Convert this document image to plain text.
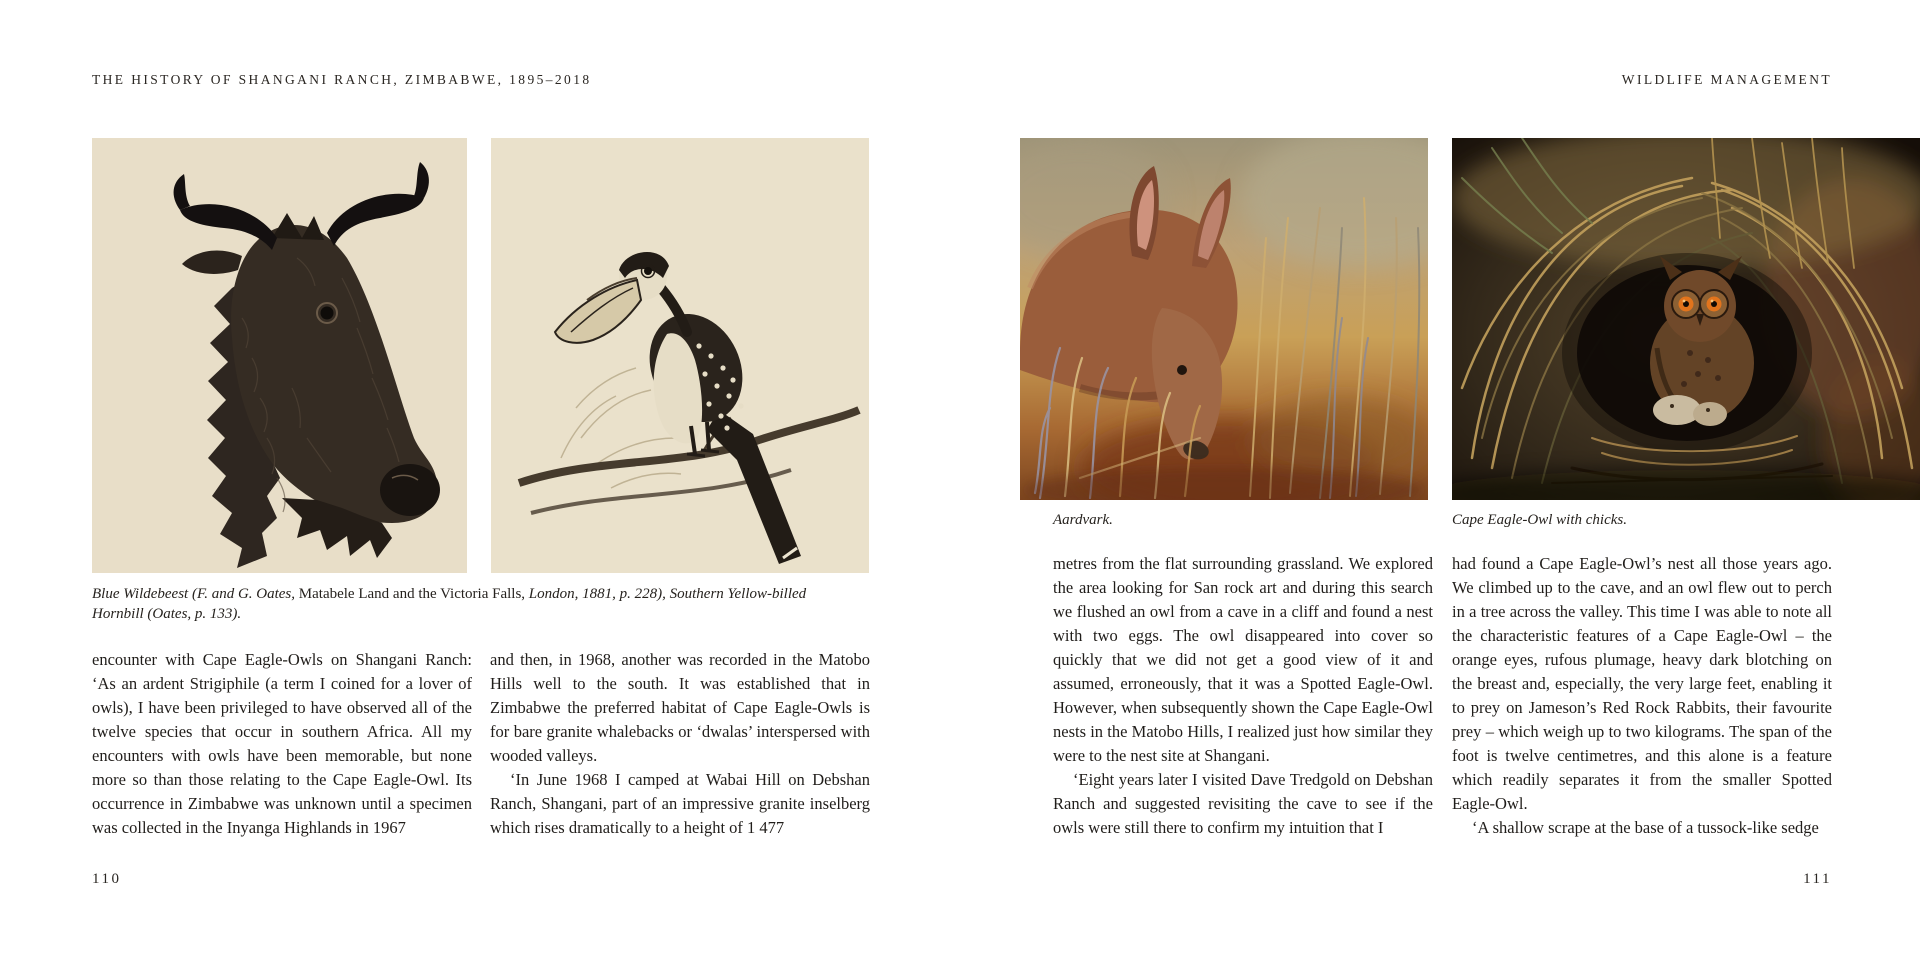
THE HISTORY OF SHANGANI RANCH, ZIMBABWE, 1895–2018

Blue Wildebeest (F. and G. Oates, Matabele Land and the Victoria Falls, London, 1881, p. 228), Southern Yellow-billed Hornbill (Oates, p. 133).

encounter with Cape Eagle-Owls on Shangani Ranch: ‘As an ardent Strigiphile (a term I coined for a lover of owls), I have been privileged to have observed all of the twelve species that occur in southern Africa. All my encounters with owls have been memorable, but none more so than those relating to the Cape Eagle-Owl. Its occurrence in Zimbabwe was unknown until a specimen was collected in the Inyanga Highlands in 1967

and then, in 1968, another was recorded in the Matobo Hills well to the south. It was established that in Zimbabwe the preferred habitat of Cape Eagle-Owls is for bare granite whalebacks or ‘dwalas’ interspersed with wooded valleys.

‘In June 1968 I camped at Wabai Hill on Debshan Ranch, Shangani, part of an impressive granite inselberg which rises dramatically to a height of 1 477

110
WILDLIFE MANAGEMENT

Aardvark.	Cape Eagle-Owl with chicks.

metres from the flat surrounding grassland. We explored the area looking for San rock art and during this search we flushed an owl from a cave in a cliff and found a nest with two eggs. The owl disappeared into cover so quickly that we did not get a good view of it and assumed, erroneously, that it was a Spotted Eagle-Owl. However, when subsequently shown the Cape Eagle-Owl nests in the Matobo Hills, I realized just how similar they were to the nest site at Shangani.

‘Eight years later I visited Dave Tredgold on Debshan Ranch and suggested revisiting the cave to see if the owls were still there to confirm my intuition that I

had found a Cape Eagle-Owl’s nest all those years ago. We climbed up to the cave, and an owl flew out to perch in a tree across the valley. This time I was able to note all the characteristic features of a Cape Eagle-Owl – the orange eyes, rufous plumage, heavy dark blotching on the breast and, especially, the very large feet, enabling it to prey on Jameson’s Red Rock Rabbits, their favourite prey – which weigh up to two kilograms. The span of the foot is twelve centimetres, and this alone is a feature which readily separates it from the smaller Spotted Eagle-Owl.

‘A shallow scrape at the base of a tussock-like sedge

111
